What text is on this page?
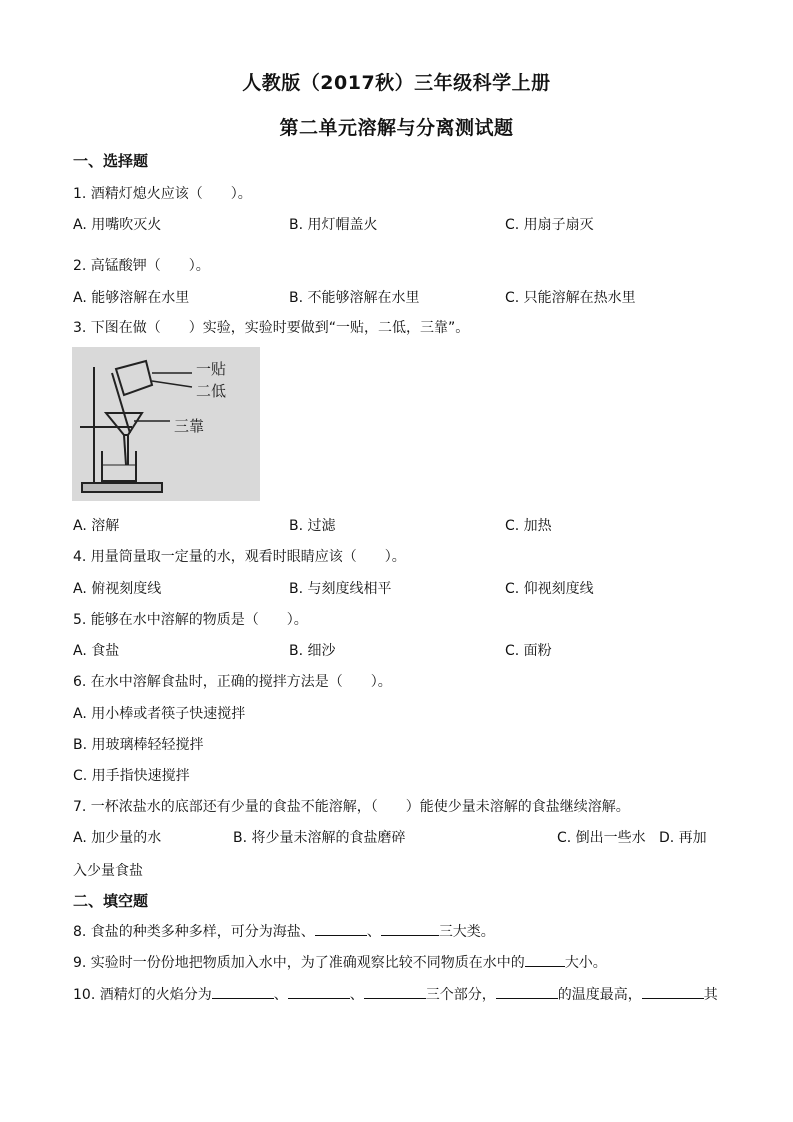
人教版（2017秋）三年级科学上册
第二单元溶解与分离测试题
一、选择题
1. 酒精灯熄火应该（　　）。
A. 用嘴吹灭火	B. 用灯帽盖火	C. 用扇子扇灭
2. 高锰酸钾（　　）。
A. 能够溶解在水里	B. 不能够溶解在水里	C. 只能溶解在热水里
3. 下图在做（　　）实验，实验时要做到“一贴，二低，三靠”。
一贴
二低
三靠
A. 溶解	B. 过滤	C. 加热
4. 用量筒量取一定量的水，观看时眼睛应该（　　）。
A. 俯视刻度线	B. 与刻度线相平	C. 仰视刻度线
5. 能够在水中溶解的物质是（　　）。
A. 食盐	B. 细沙	C. 面粉
6. 在水中溶解食盐时，正确的搅拌方法是（　　）。
A. 用小棒或者筷子快速搅拌
B. 用玻璃棒轻轻搅拌
C. 用手指快速搅拌
7. 一杯浓盐水的底部还有少量的食盐不能溶解，（　　）能使少量未溶解的食盐继续溶解。
A. 加少量的水	B. 将少量未溶解的食盐磨碎	C. 倒出一些水 D. 再加
入少量食盐
二、填空题
8. 食盐的种类多种多样，可分为海盐、	、	三大类。
9. 实验时一份份地把物质加入水中，为了准确观察比较不同物质在水中的	大小。
10. 酒精灯的火焰分为	、	、	三个部分，	的温度最高，	其
